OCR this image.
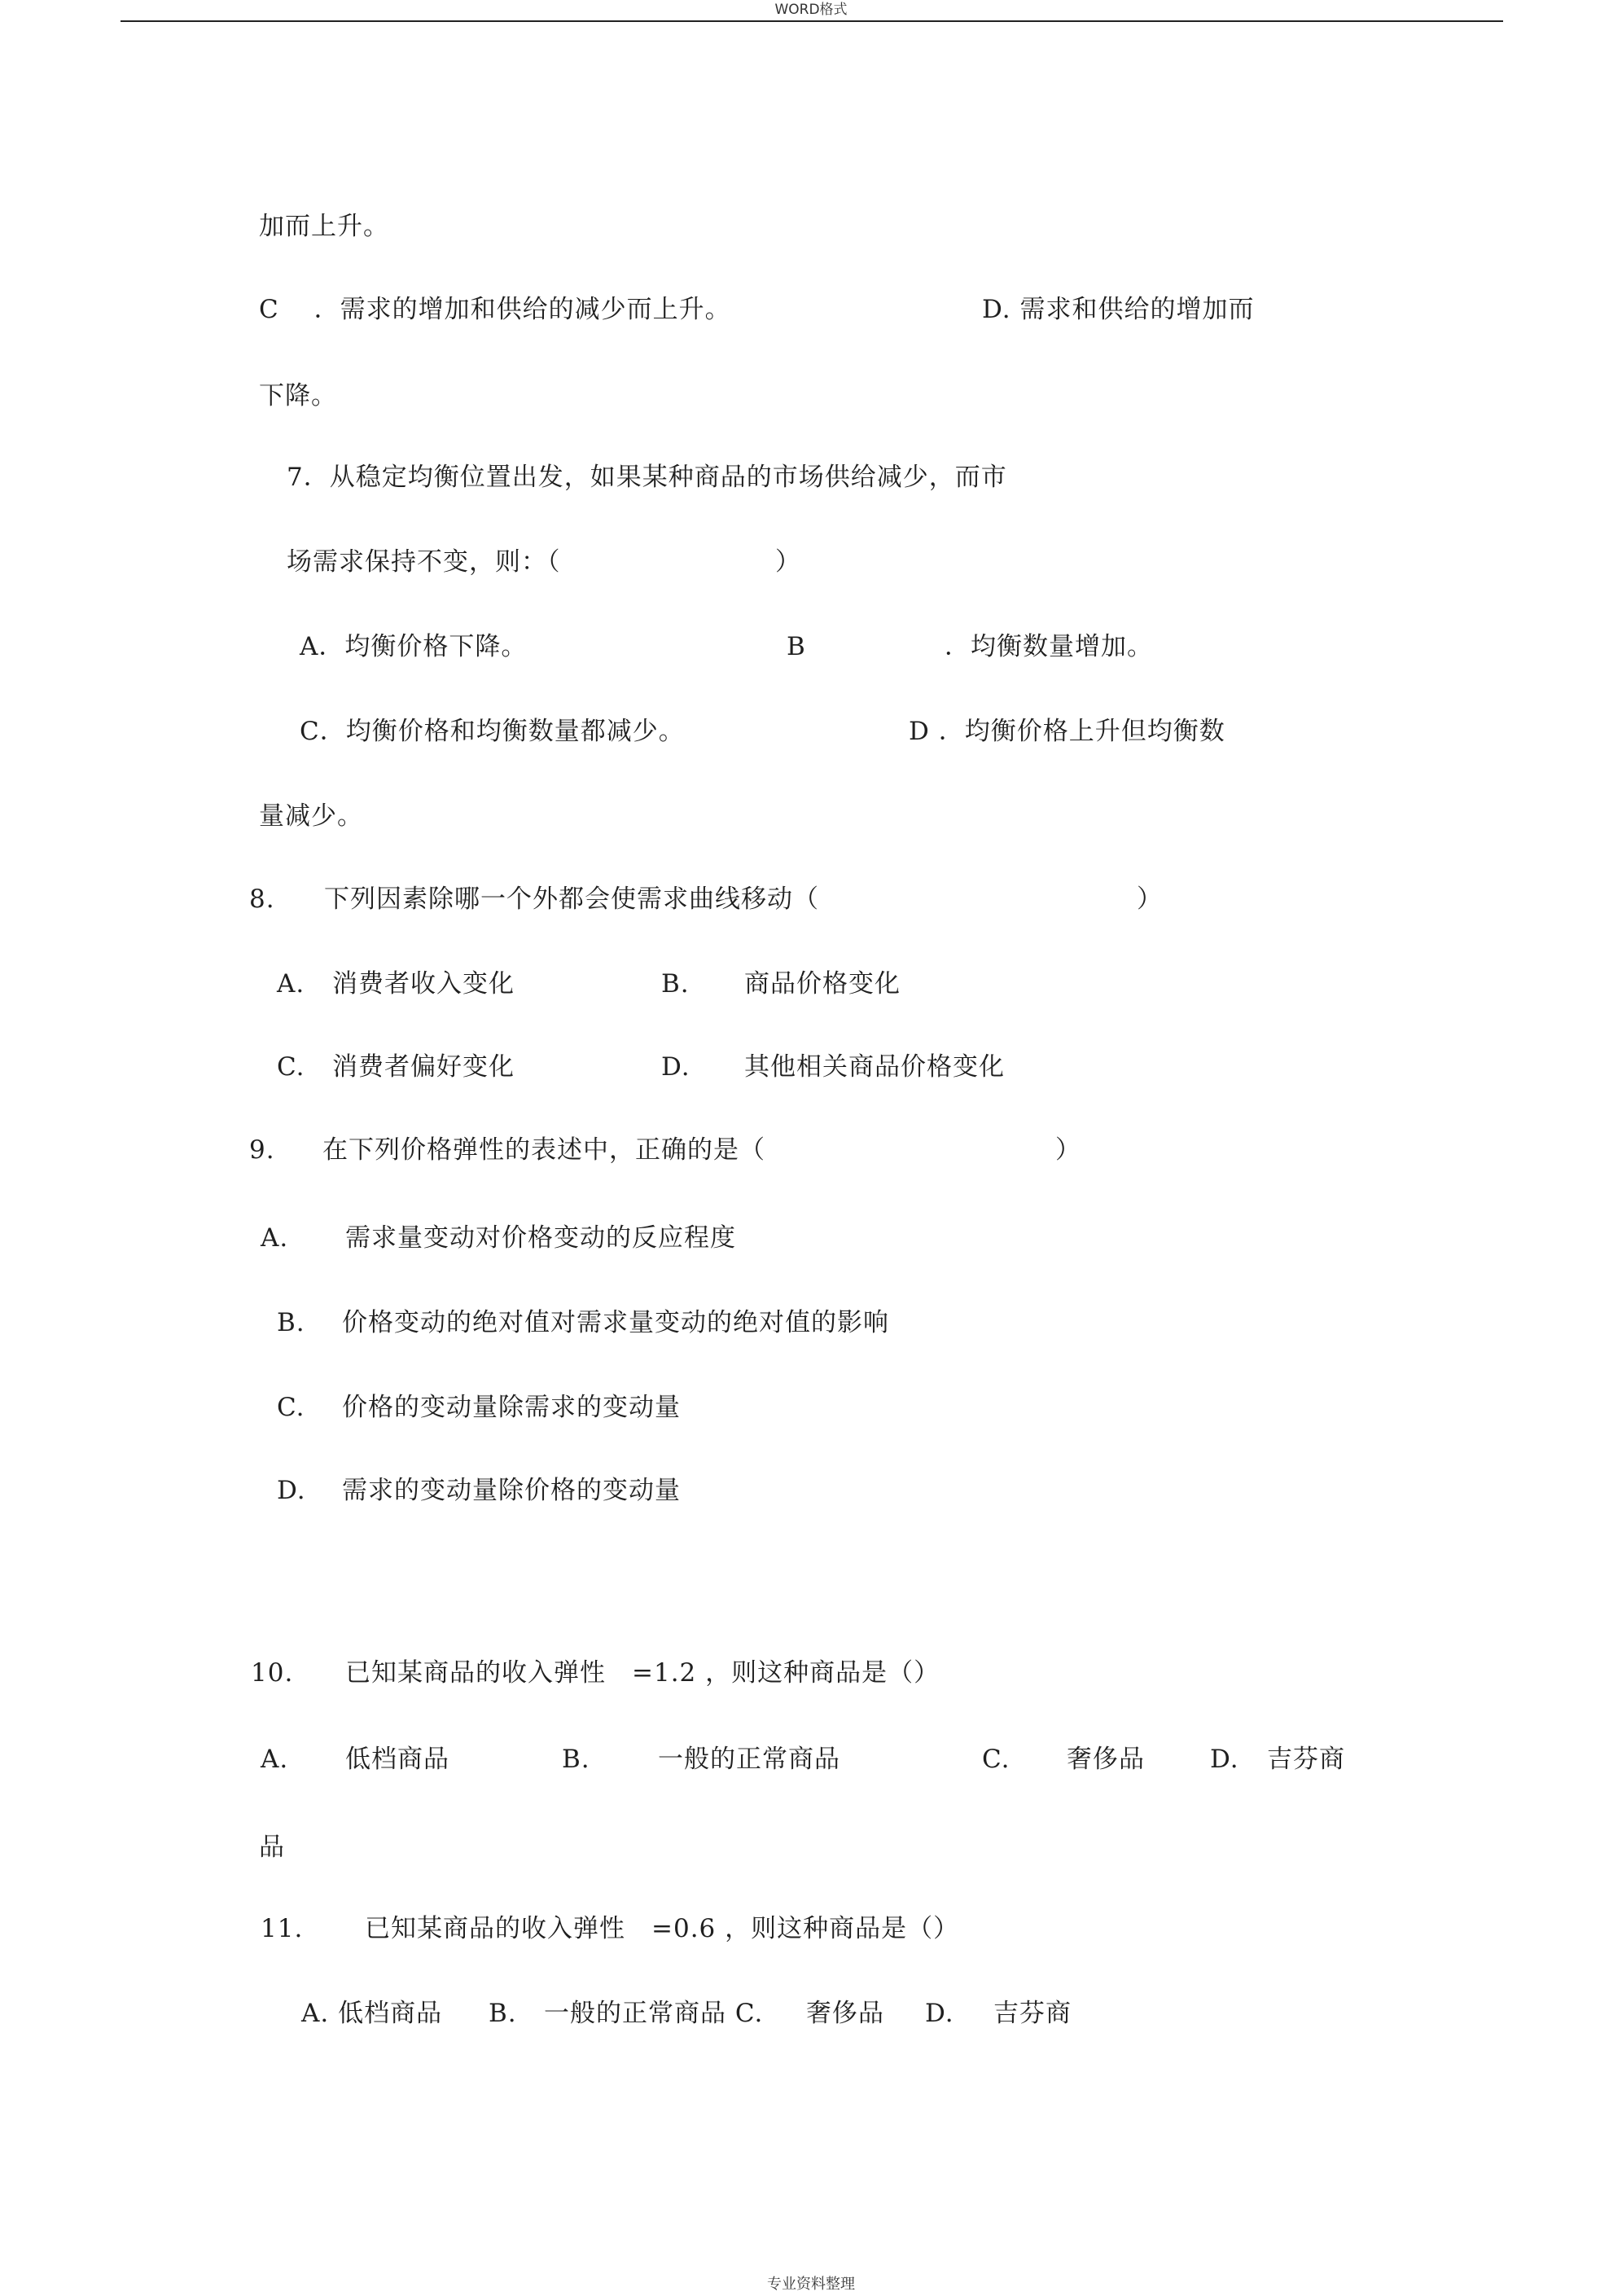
WORD格式
加而上升。
C　 ．需求的增加和供给的减少而上升。	D. 需求和供给的增加而
下降。
7．从稳定均衡位置出发，如果某种商品的市场供给减少，而市
场需求保持不变，则：（	）
A．均衡价格下降。	B	．均衡数量增加。
C．均衡价格和均衡数量都减少。	D ．均衡价格上升但均衡数
量减少。
8. 下列因素除哪一个外都会使需求曲线移动（	）
A. 消费者收入变化	B. 商品价格变化
C. 消费者偏好变化	D. 其他相关商品价格变化
9. 在下列价格弹性的表述中，正确的是（	）
A. 需求量变动对价格变动的反应程度
B. 价格变动的绝对值对需求量变动的绝对值的影响
C. 价格的变动量除需求的变动量
D. 需求的变动量除价格的变动量
10. 已知某商品的收入弹性　=1.2 ，则这种商品是（）
A. 低档商品	B.	一般的正常商品	C. 奢侈品	D. 吉芬商
品
11. 已知某商品的收入弹性　=0.6 ，则这种商品是（）
A. 低档商品 B. 一般的正常商品 C. 奢侈品 D. 吉芬商
专业资料整理
